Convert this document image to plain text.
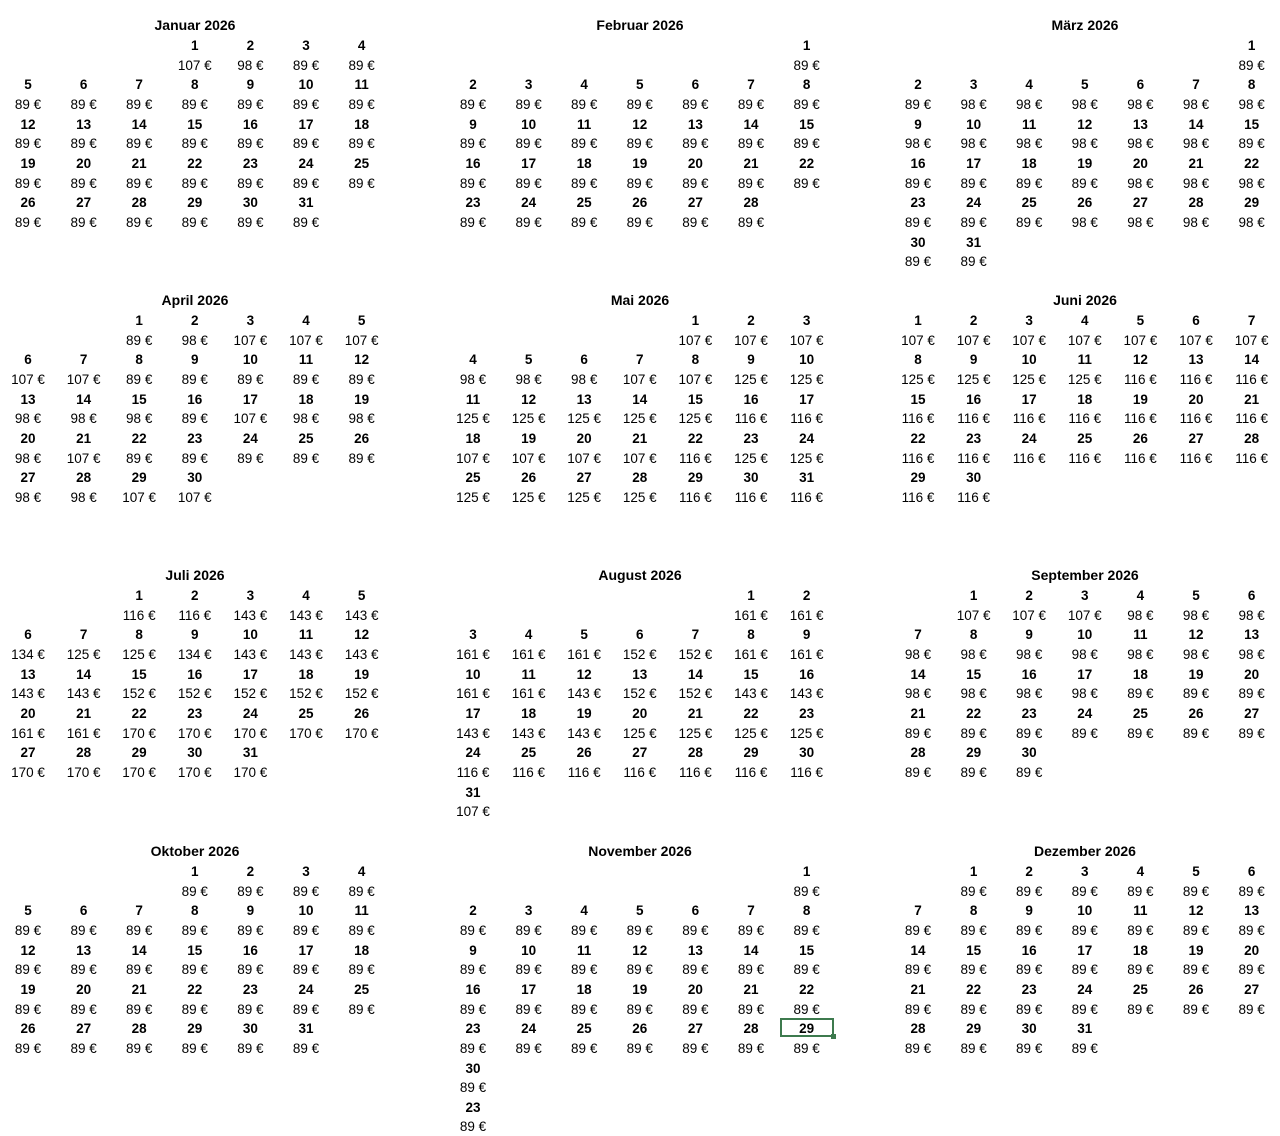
Januar 2026
1
107 €
2
98 €
3
89 €
4
89 €
5
89 €
6
89 €
7
89 €
8
89 €
9
89 €
10
89 €
11
89 €
12
89 €
13
89 €
14
89 €
15
89 €
16
89 €
17
89 €
18
89 €
19
89 €
20
89 €
21
89 €
22
89 €
23
89 €
24
89 €
25
89 €
26
89 €
27
89 €
28
89 €
29
89 €
30
89 €
31
89 €
Februar 2026
1
89 €
2
89 €
3
89 €
4
89 €
5
89 €
6
89 €
7
89 €
8
89 €
9
89 €
10
89 €
11
89 €
12
89 €
13
89 €
14
89 €
15
89 €
16
89 €
17
89 €
18
89 €
19
89 €
20
89 €
21
89 €
22
89 €
23
89 €
24
89 €
25
89 €
26
89 €
27
89 €
28
89 €
März 2026
1
89 €
2
89 €
3
98 €
4
98 €
5
98 €
6
98 €
7
98 €
8
98 €
9
98 €
10
98 €
11
98 €
12
98 €
13
98 €
14
98 €
15
89 €
16
89 €
17
89 €
18
89 €
19
89 €
20
98 €
21
98 €
22
98 €
23
89 €
24
89 €
25
89 €
26
98 €
27
98 €
28
98 €
29
98 €
30
89 €
31
89 €
April 2026
1
89 €
2
98 €
3
107 €
4
107 €
5
107 €
6
107 €
7
107 €
8
89 €
9
89 €
10
89 €
11
89 €
12
89 €
13
98 €
14
98 €
15
98 €
16
89 €
17
107 €
18
98 €
19
98 €
20
98 €
21
107 €
22
89 €
23
89 €
24
89 €
25
89 €
26
89 €
27
98 €
28
98 €
29
107 €
30
107 €
Mai 2026
1
107 €
2
107 €
3
107 €
4
98 €
5
98 €
6
98 €
7
107 €
8
107 €
9
125 €
10
125 €
11
125 €
12
125 €
13
125 €
14
125 €
15
125 €
16
116 €
17
116 €
18
107 €
19
107 €
20
107 €
21
107 €
22
116 €
23
125 €
24
125 €
25
125 €
26
125 €
27
125 €
28
125 €
29
116 €
30
116 €
31
116 €
Juni 2026
1
107 €
2
107 €
3
107 €
4
107 €
5
107 €
6
107 €
7
107 €
8
125 €
9
125 €
10
125 €
11
125 €
12
116 €
13
116 €
14
116 €
15
116 €
16
116 €
17
116 €
18
116 €
19
116 €
20
116 €
21
116 €
22
116 €
23
116 €
24
116 €
25
116 €
26
116 €
27
116 €
28
116 €
29
116 €
30
116 €
Juli 2026
1
116 €
2
116 €
3
143 €
4
143 €
5
143 €
6
134 €
7
125 €
8
125 €
9
134 €
10
143 €
11
143 €
12
143 €
13
143 €
14
143 €
15
152 €
16
152 €
17
152 €
18
152 €
19
152 €
20
161 €
21
161 €
22
170 €
23
170 €
24
170 €
25
170 €
26
170 €
27
170 €
28
170 €
29
170 €
30
170 €
31
170 €
August 2026
1
161 €
2
161 €
3
161 €
4
161 €
5
161 €
6
152 €
7
152 €
8
161 €
9
161 €
10
161 €
11
161 €
12
143 €
13
152 €
14
152 €
15
143 €
16
143 €
17
143 €
18
143 €
19
143 €
20
125 €
21
125 €
22
125 €
23
125 €
24
116 €
25
116 €
26
116 €
27
116 €
28
116 €
29
116 €
30
116 €
31
107 €
September 2026
1
107 €
2
107 €
3
107 €
4
98 €
5
98 €
6
98 €
7
98 €
8
98 €
9
98 €
10
98 €
11
98 €
12
98 €
13
98 €
14
98 €
15
98 €
16
98 €
17
98 €
18
89 €
19
89 €
20
89 €
21
89 €
22
89 €
23
89 €
24
89 €
25
89 €
26
89 €
27
89 €
28
89 €
29
89 €
30
89 €
Oktober 2026
1
89 €
2
89 €
3
89 €
4
89 €
5
89 €
6
89 €
7
89 €
8
89 €
9
89 €
10
89 €
11
89 €
12
89 €
13
89 €
14
89 €
15
89 €
16
89 €
17
89 €
18
89 €
19
89 €
20
89 €
21
89 €
22
89 €
23
89 €
24
89 €
25
89 €
26
89 €
27
89 €
28
89 €
29
89 €
30
89 €
31
89 €
November 2026
1
89 €
2
89 €
3
89 €
4
89 €
5
89 €
6
89 €
7
89 €
8
89 €
9
89 €
10
89 €
11
89 €
12
89 €
13
89 €
14
89 €
15
89 €
16
89 €
17
89 €
18
89 €
19
89 €
20
89 €
21
89 €
22
89 €
23
89 €
24
89 €
25
89 €
26
89 €
27
89 €
28
89 €
29
89 €
30
89 €
23
89 €
Dezember 2026
1
89 €
2
89 €
3
89 €
4
89 €
5
89 €
6
89 €
7
89 €
8
89 €
9
89 €
10
89 €
11
89 €
12
89 €
13
89 €
14
89 €
15
89 €
16
89 €
17
89 €
18
89 €
19
89 €
20
89 €
21
89 €
22
89 €
23
89 €
24
89 €
25
89 €
26
89 €
27
89 €
28
89 €
29
89 €
30
89 €
31
89 €
